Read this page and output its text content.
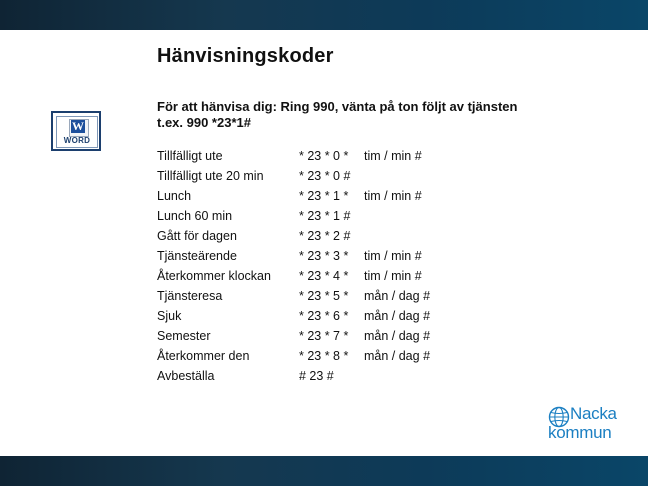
Hänvisningskoder
För att hänvisa dig: Ring 990, vänta på ton följt av tjänsten
t.ex. 990 *23*1#
W
WORD
Tillfälligt ute	* 23 * 0 * tim / min #
Tillfälligt ute 20 min	* 23 * 0 #
Lunch	* 23 * 1 * tim / min #
Lunch 60 min	* 23 * 1 #
Gått för dagen	* 23 * 2 #
Tjänsteärende	* 23 * 3 * tim / min #
Återkommer klockan * 23 * 4 * tim / min #
Tjänsteresa	* 23 * 5 * mån / dag #
Sjuk	* 23 * 6 * mån / dag #
Semester	* 23 * 7 * mån / dag #
Återkommer den	* 23 * 8 * mån / dag #
Avbeställa	# 23 #
Nacka
kommun
